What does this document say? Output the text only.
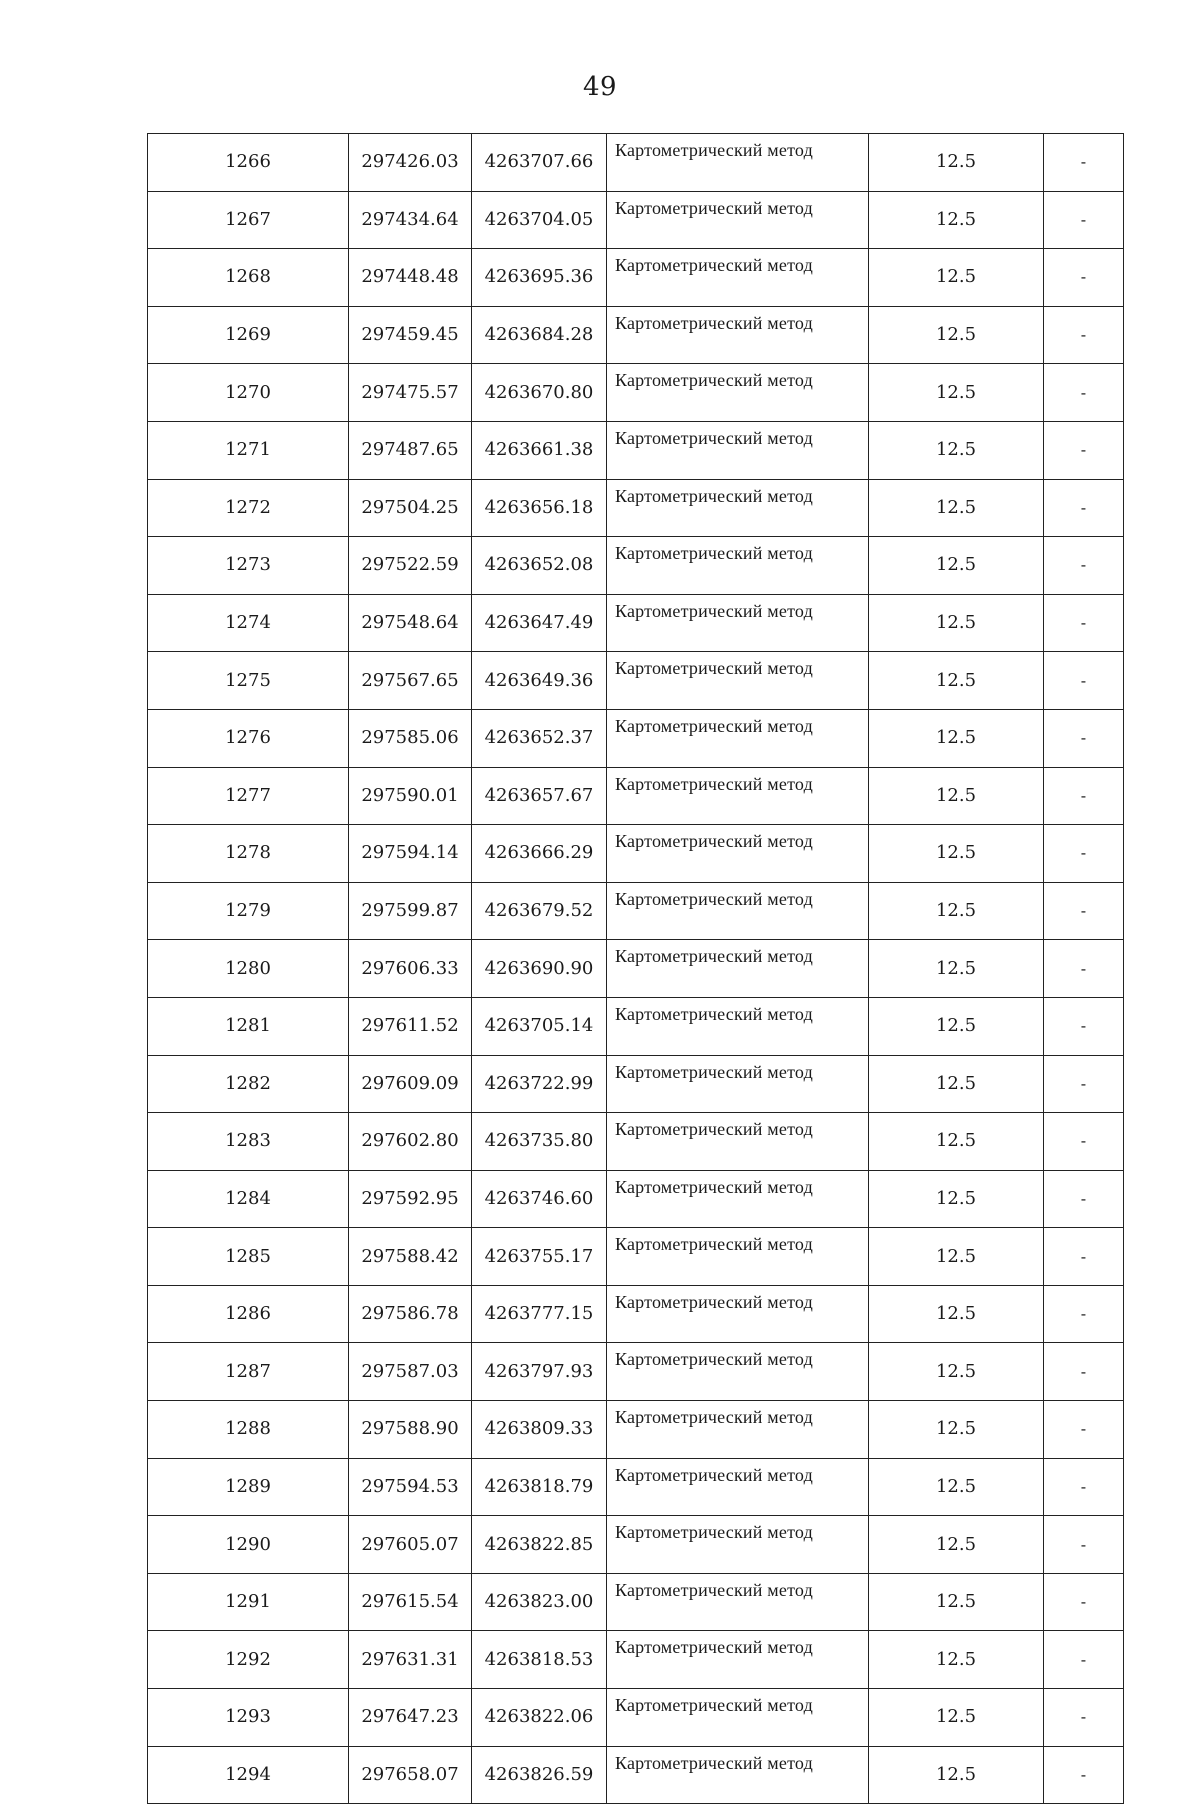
49
1266	297426.03	4263707.66	Картометрический метод	12.5	-
1267	297434.64	4263704.05	Картометрический метод	12.5	-
1268	297448.48	4263695.36	Картометрический метод	12.5	-
1269	297459.45	4263684.28	Картометрический метод	12.5	-
1270	297475.57	4263670.80	Картометрический метод	12.5	-
1271	297487.65	4263661.38	Картометрический метод	12.5	-
1272	297504.25	4263656.18	Картометрический метод	12.5	-
1273	297522.59	4263652.08	Картометрический метод	12.5	-
1274	297548.64	4263647.49	Картометрический метод	12.5	-
1275	297567.65	4263649.36	Картометрический метод	12.5	-
1276	297585.06	4263652.37	Картометрический метод	12.5	-
1277	297590.01	4263657.67	Картометрический метод	12.5	-
1278	297594.14	4263666.29	Картометрический метод	12.5	-
1279	297599.87	4263679.52	Картометрический метод	12.5	-
1280	297606.33	4263690.90	Картометрический метод	12.5	-
1281	297611.52	4263705.14	Картометрический метод	12.5	-
1282	297609.09	4263722.99	Картометрический метод	12.5	-
1283	297602.80	4263735.80	Картометрический метод	12.5	-
1284	297592.95	4263746.60	Картометрический метод	12.5	-
1285	297588.42	4263755.17	Картометрический метод	12.5	-
1286	297586.78	4263777.15	Картометрический метод	12.5	-
1287	297587.03	4263797.93	Картометрический метод	12.5	-
1288	297588.90	4263809.33	Картометрический метод	12.5	-
1289	297594.53	4263818.79	Картометрический метод	12.5	-
1290	297605.07	4263822.85	Картометрический метод	12.5	-
1291	297615.54	4263823.00	Картометрический метод	12.5	-
1292	297631.31	4263818.53	Картометрический метод	12.5	-
1293	297647.23	4263822.06	Картометрический метод	12.5	-
1294	297658.07	4263826.59	Картометрический метод	12.5	-
